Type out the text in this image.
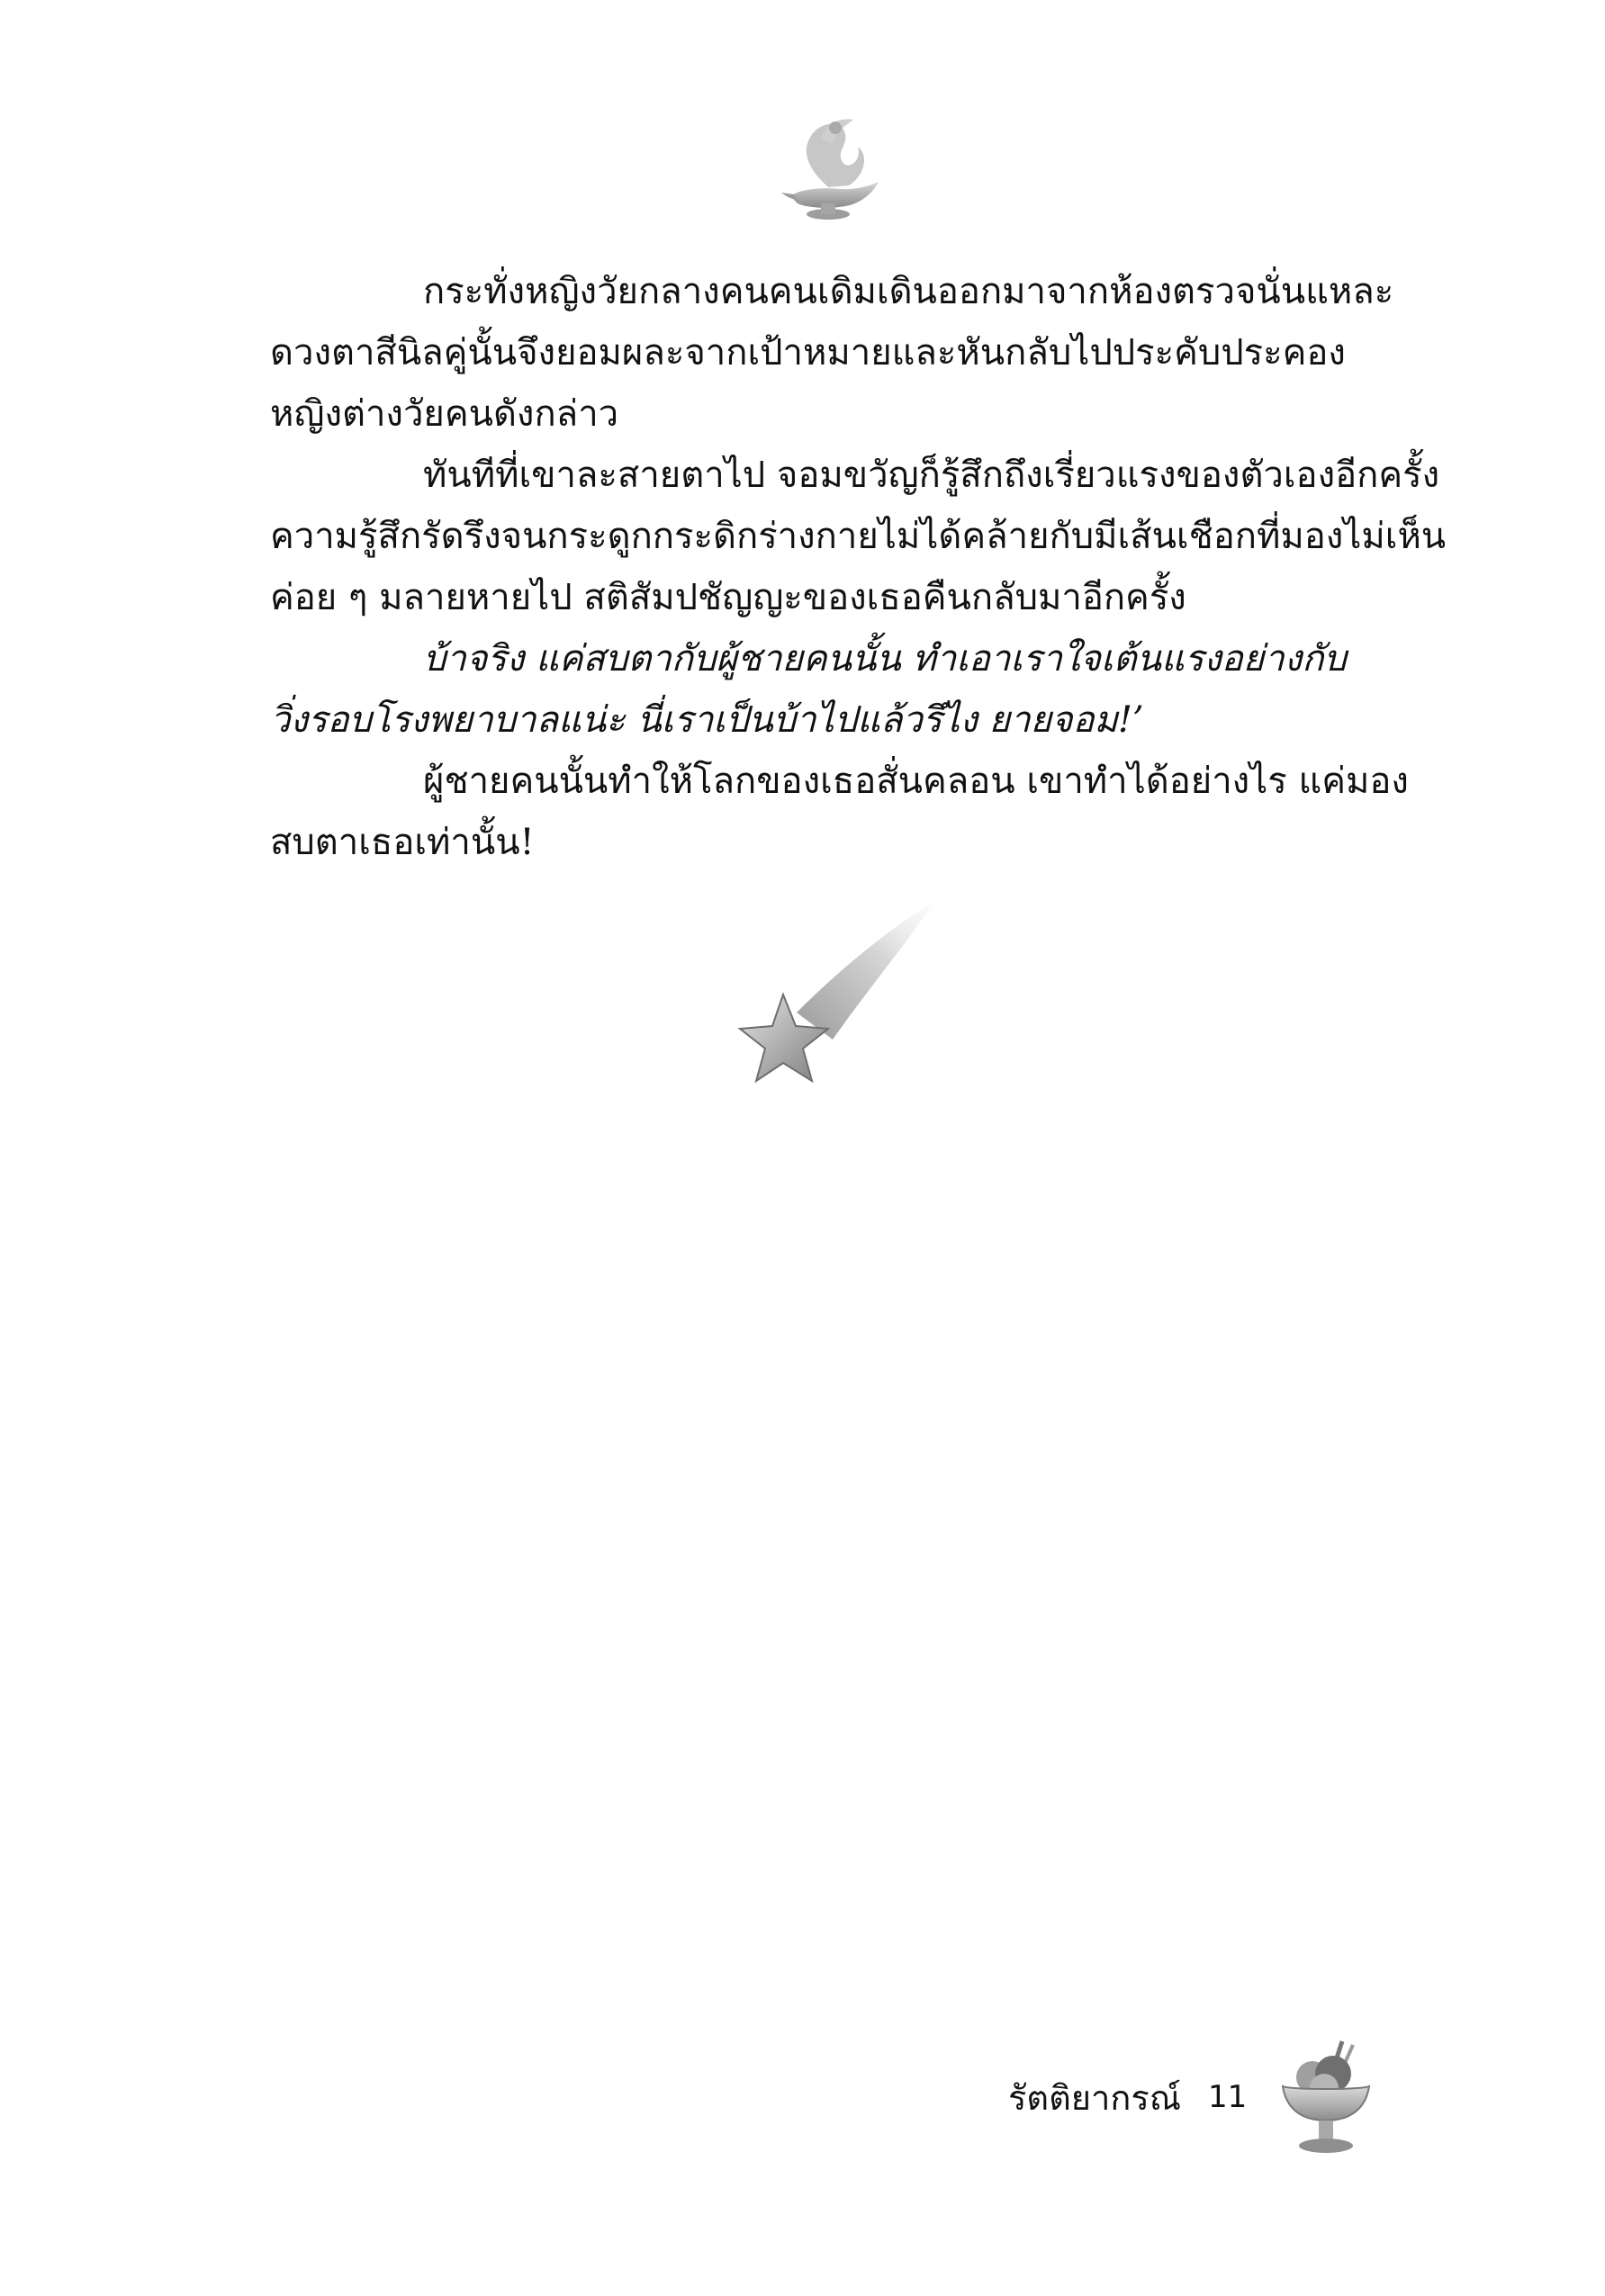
กระทั่งหญิงวัยกลางคนคนเดิมเดินออกมาจากห้องตรวจนั่นแหละ
ดวงตาสีนิลคู่นั้นจึงยอมผละจากเป้าหมายและหันกลับไปประคับประคอง
หญิงต่างวัยคนดังกล่าว
ทันทีที่เขาละสายตาไป จอมขวัญก็รู้สึกถึงเรี่ยวแรงของตัวเองอีกครั้ง
ความรู้สึกรัดรึงจนกระดูกกระดิกร่างกายไม่ได้คล้ายกับมีเส้นเชือกที่มองไม่เห็น
ค่อย ๆ มลายหายไป สติสัมปชัญญะของเธอคืนกลับมาอีกครั้ง
บ้าจริง แค่สบตากับผู้ชายคนนั้น ทำเอาเราใจเต้นแรงอย่างกับ
วิ่งรอบโรงพยาบาลแน่ะ นี่เราเป็นบ้าไปแล้วรึไง ยายจอม!’
ผู้ชายคนนั้นทำให้โลกของเธอสั่นคลอน เขาทำได้อย่างไร แค่มอง
สบตาเธอเท่านั้น!
รัตติยากรณ์ 11
